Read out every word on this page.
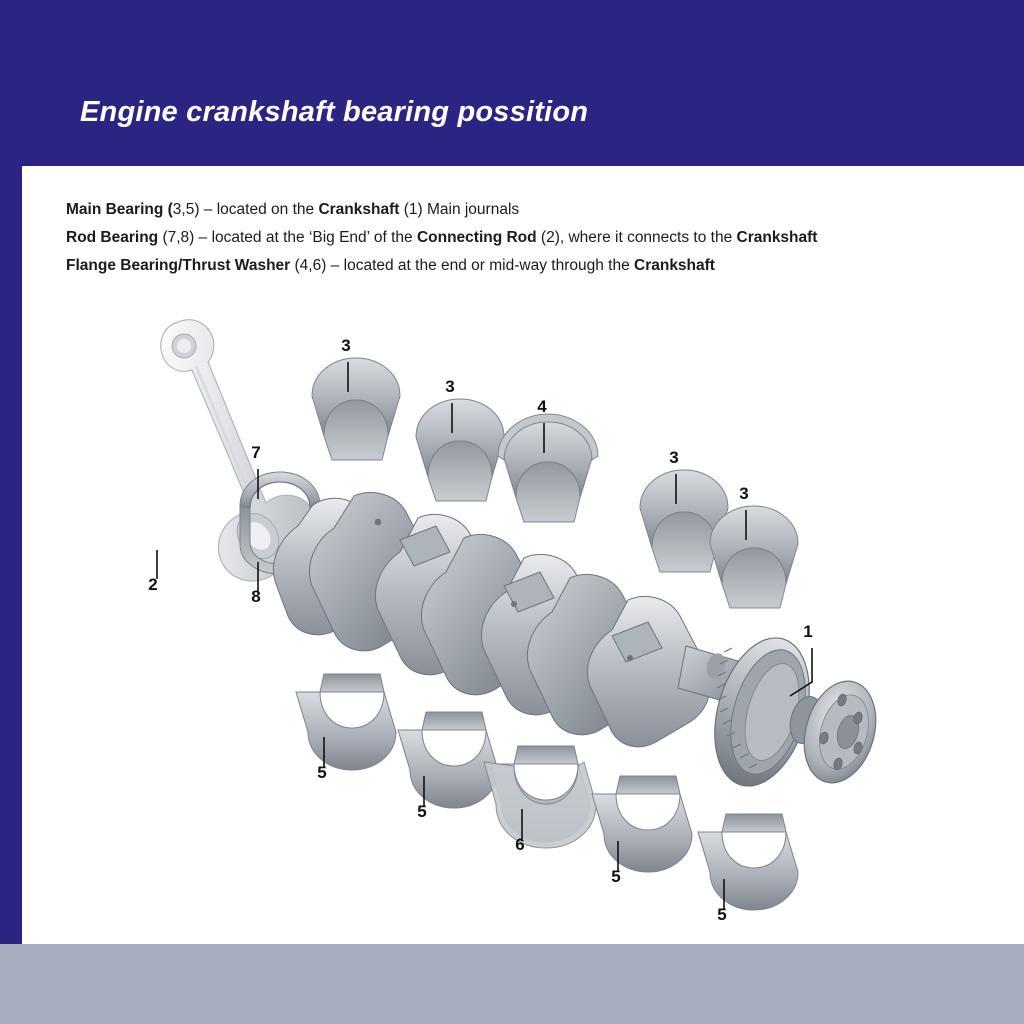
Engine crankshaft bearing possition
Main Bearing (3,5) – located on the Crankshaft (1) Main journals
Rod Bearing (7,8) – located at the ‘Big End’ of the Connecting Rod (2), where it connects to the Crankshaft
Flange Bearing/Thrust Washer (4,6) – located at the end or mid-way through the Crankshaft
3
3
4
7	3
3
1
2
8
5
5
6
5
5
